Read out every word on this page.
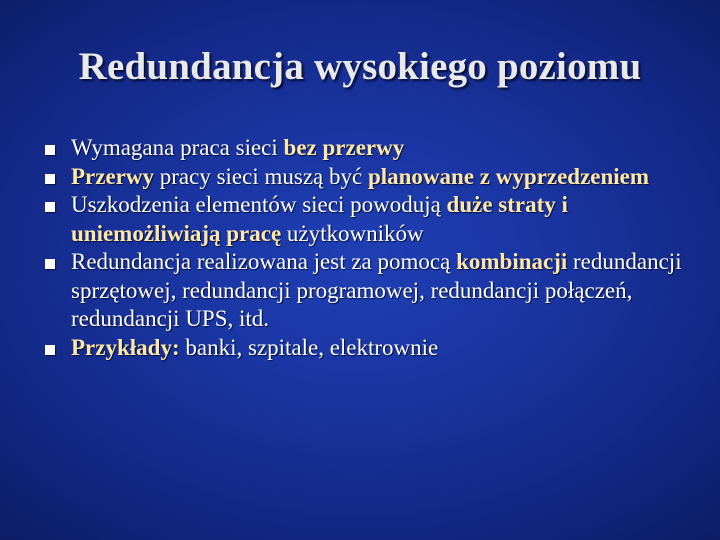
Redundancja wysokiego poziomu
Wymagana praca sieci bez przerwy
Przerwy pracy sieci muszą być planowane z wyprzedzeniem
Uszkodzenia elementów sieci powodują duże straty i uniemożliwiają pracę użytkowników
Redundancja realizowana jest za pomocą kombinacji redundancji sprzętowej, redundancji programowej, redundancji połączeń, redundancji UPS, itd.
Przykłady: banki, szpitale, elektrownie
